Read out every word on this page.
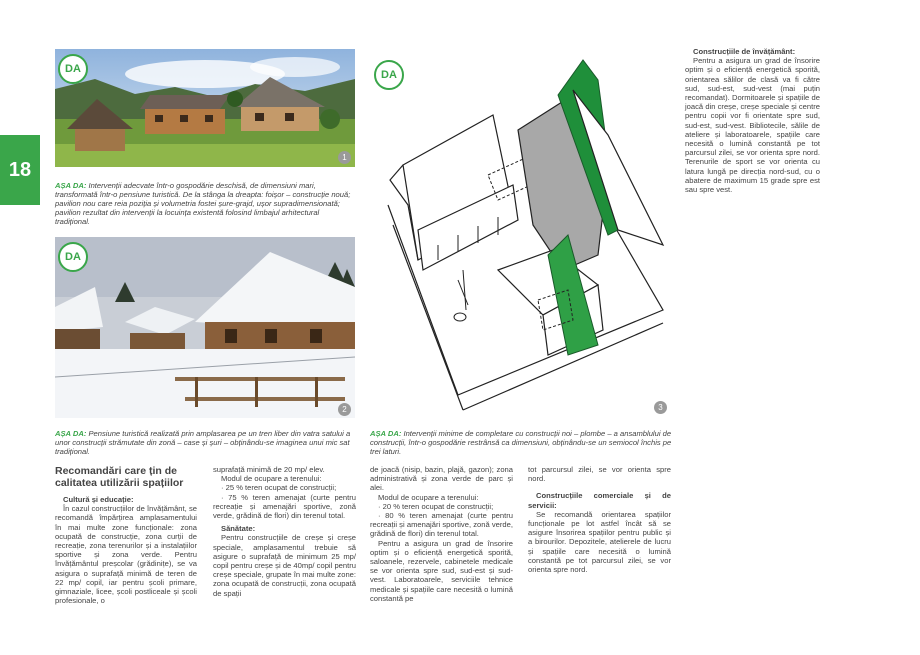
18
DA
1
AȘA DA: Intervenții adecvate într-o gospodărie deschisă, de dimensiuni mari, transformată într-o pensiune turistică. De la stânga la dreapta: foișor – construcție nouă; pavilion nou care reia poziția și volumetria fostei șure-grajd, ușor supradimensionată; pavilion rezultat din intervenții la locuința existentă folosind limbajul arhitectural tradițional.
DA
2
AȘA DA: Pensiune turistică realizată prin amplasarea pe un tren liber din vatra satului a unor construcții strămutate din zonă – case și șuri – obținându-se imaginea unui mic sat tradițional.
DA
3
AȘA DA: Intervenții minime de completare cu construcții noi – plombe – a ansamblului de construcții, într-o gospodărie restrânsă ca dimensiuni, obținându-se un semiocol închis pe trei laturi.

Construcțiile de învățământ:

Pentru a asigura un grad de însorire optim și o eficiență energetică sporită, orientarea sălilor de clasă va fi către sud, sud-est, sud-vest (mai puțin recomandat). Dormitoarele și spațiile de joacă din creșe, creșe speciale și centre pentru copii vor fi orientate spre sud, sud-est, sud-vest. Bibliotecile, sălile de ateliere și laboratoarele, spațiile care necesită o lumină constantă pe tot parcursul zilei, se vor orienta spre nord. Terenurile de sport se vor orienta cu latura lungă pe direcția nord-sud, cu o abatere de maximum 15 grade spre est sau spre vest.

Recomandări care țin de calitatea utilizării spațiilor

Cultură și educație:

În cazul construcțiilor de învățământ, se recomandă împărțirea amplasamentului în mai multe zone funcționale: zona ocupată de construcție, zona curții de recreație, zona terenurilor și a instalațiilor sportive și zona verde. Pentru învățământul preșcolar (grădinițe), se va asigura o suprafață minimă de teren de 22 mp/ copil, iar pentru școli primare, gimnaziale, licee, școli postliceale și școli profesionale, o

suprafață minimă de 20 mp/ elev.

Modul de ocupare a terenului:

· 25 % teren ocupat de construcții;

· 75 % teren amenajat (curte pentru recreație și amenajări sportive, zonă verde, grădină de flori) din terenul total.

Sănătate:

Pentru construcțiile de creșe și creșe speciale, amplasamentul trebuie să asigure o suprafață de minimum 25 mp/ copil pentru creșe și de 40mp/ copil pentru creșe speciale, grupate în mai multe zone: zona ocupată de construcții, zona ocupată de spații

de joacă (nisip, bazin, plajă, gazon); zona administrativă și zona verde de parc și alei.

Modul de ocupare a terenului:

· 20 % teren ocupat de construcții;

· 80 % teren amenajat (curte pentru recreații și amenajări sportive, zonă verde, grădină de flori) din terenul total.

Pentru a asigura un grad de însorire optim și o eficiență energetică sporită, saloanele, rezervele, cabinetele medicale se vor orienta spre sud, sud-est și sud-vest. Laboratoarele, serviciile tehnice medicale și spațiile care necesită o lumină constantă pe

tot parcursul zilei, se vor orienta spre nord.

Construcțiile comerciale și de servicii:

Se recomandă orientarea spațiilor funcționale pe lot astfel încât să se asigure însorirea spațiilor pentru public și a birourilor. Depozitele, atelierele de lucru și spațiile care necesită o lumină constantă pe tot parcursul zilei, se vor orienta spre nord.
